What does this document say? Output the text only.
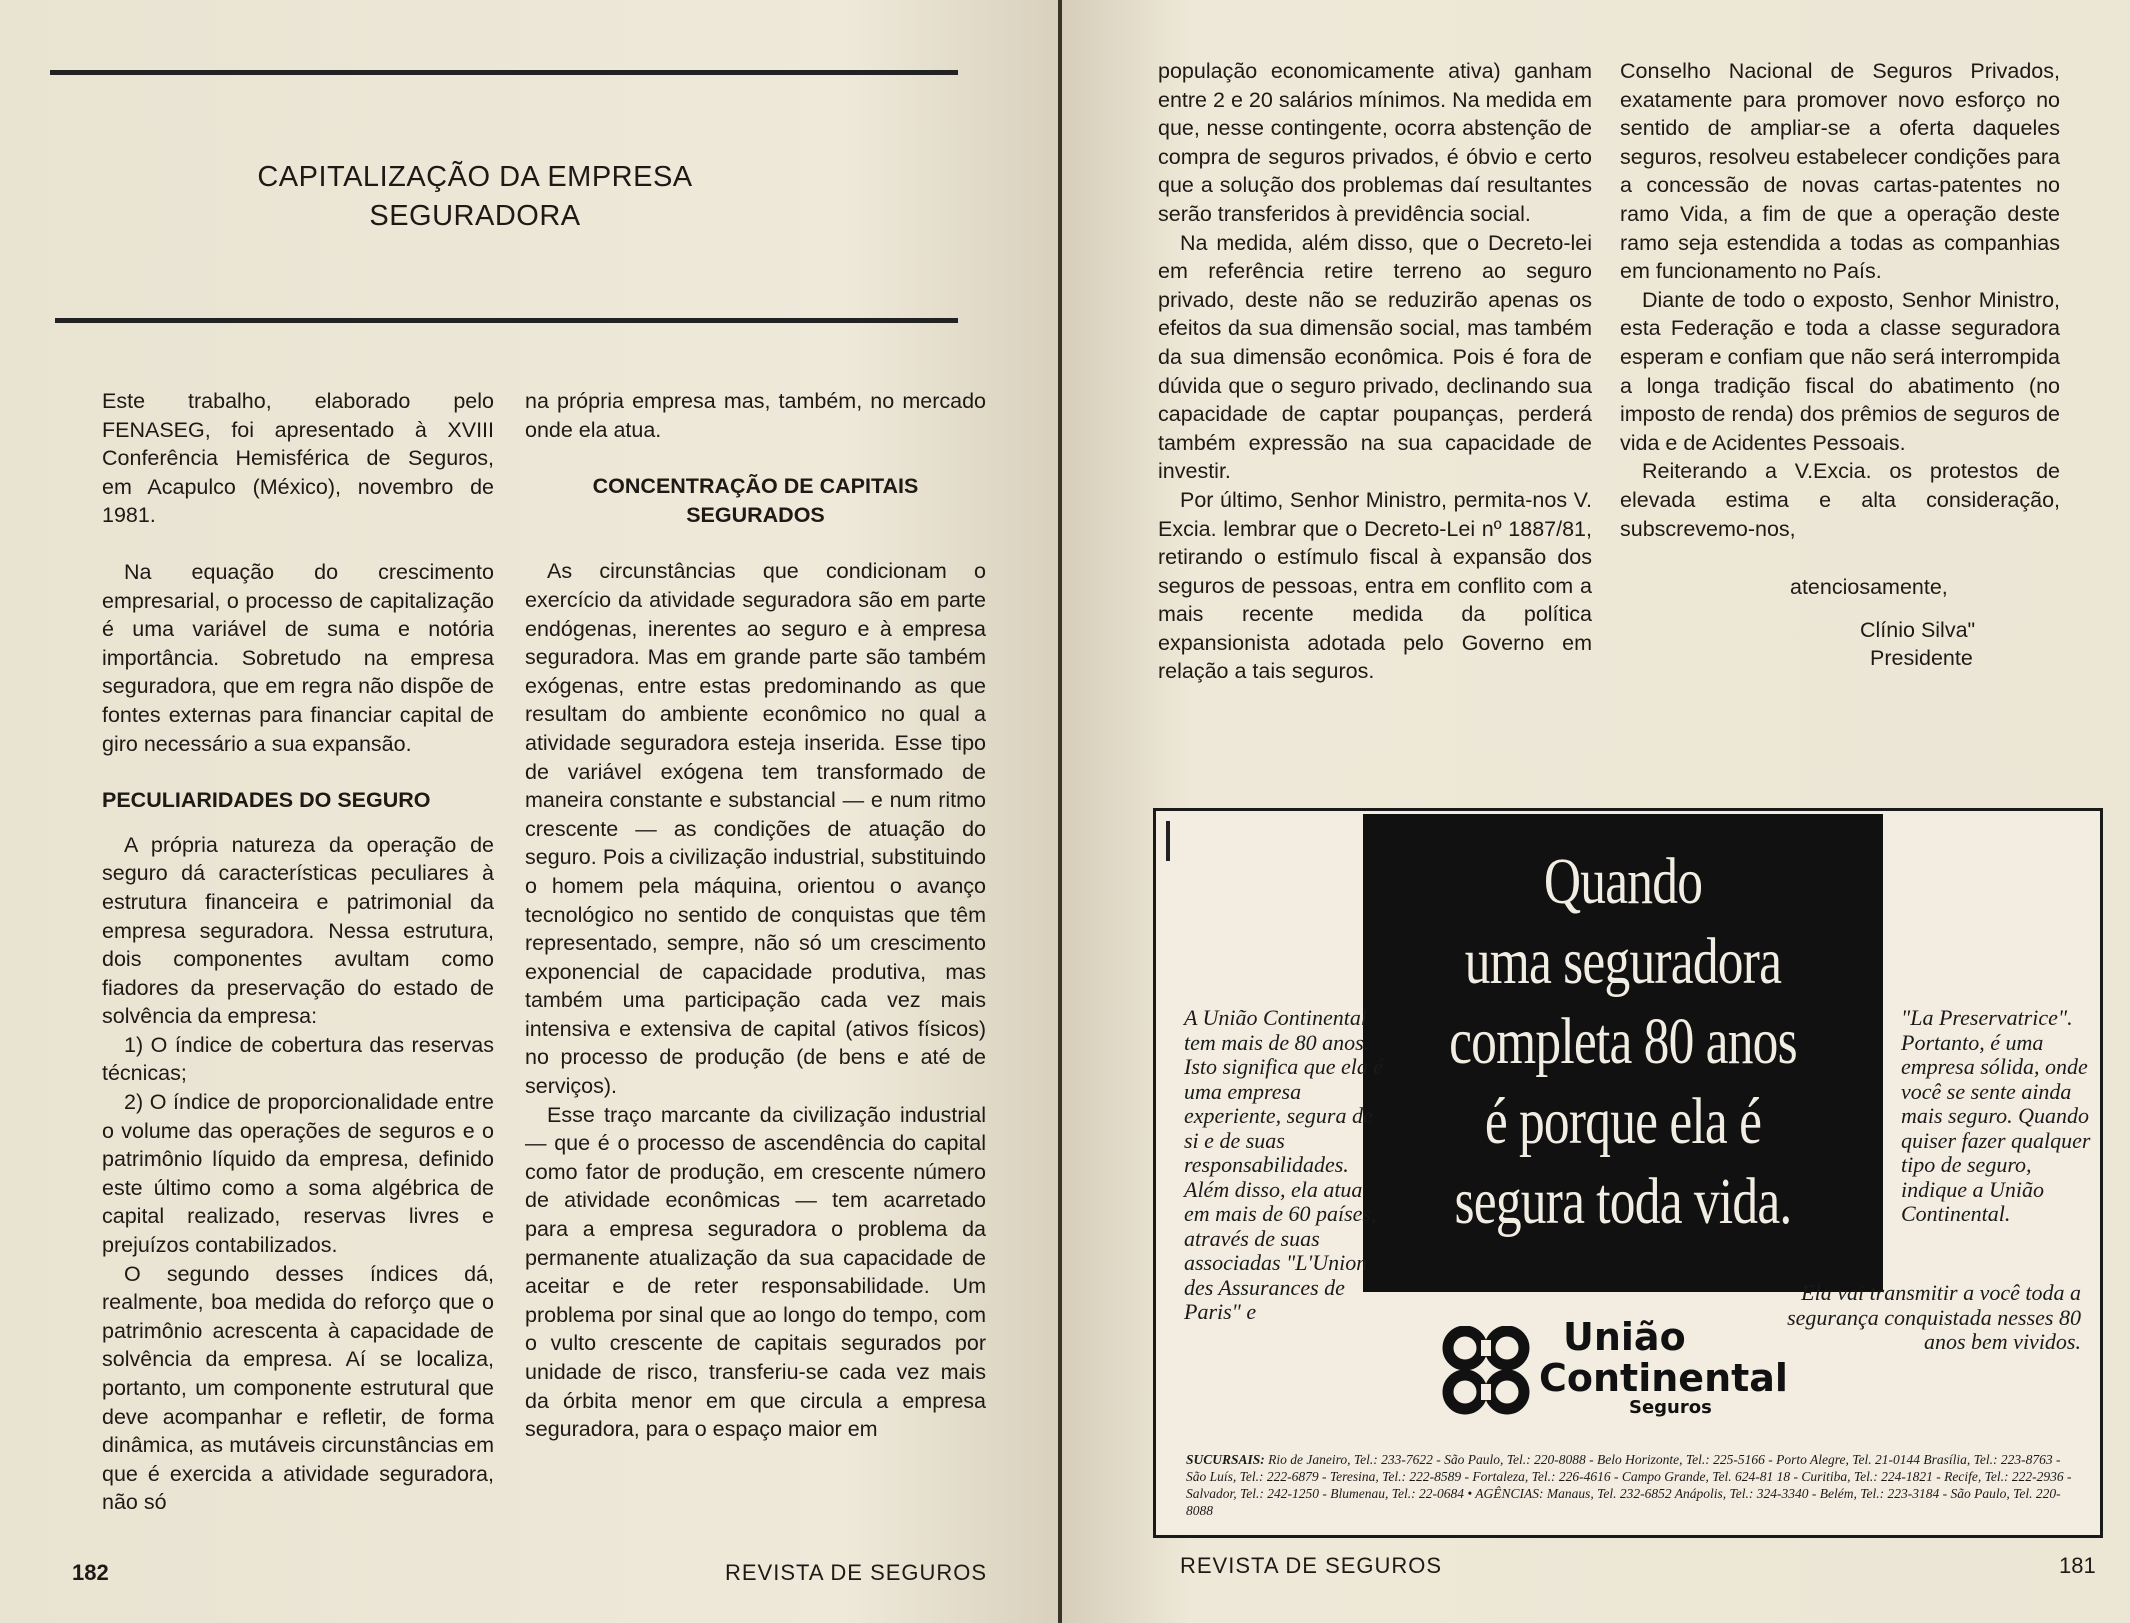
CAPITALIZAÇÃO DA EMPRESA
SEGURADORA

Este trabalho, elaborado pelo FENASEG, foi apresentado à XVIII Conferência Hemisférica de Seguros, em Acapulco (México), novembro de 1981.

Na equação do crescimento empresarial, o processo de capitalização é uma variável de suma e notória importância. Sobretudo na empresa seguradora, que em regra não dispõe de fontes externas para financiar capital de giro necessário a sua expansão.

PECULIARIDADES DO SEGURO

A própria natureza da operação de seguro dá características peculiares à estrutura financeira e patrimonial da empresa seguradora. Nessa estrutura, dois componentes avultam como fiadores da preservação do estado de solvência da empresa:

1) O índice de cobertura das reservas técnicas;

2) O índice de proporcionalidade entre o volume das operações de seguros e o patrimônio líquido da empresa, definido este último como a soma algébrica de capital realizado, reservas livres e prejuízos contabilizados.

O segundo desses índices dá, realmente, boa medida do reforço que o patrimônio acrescenta à capacidade de solvência da empresa. Aí se localiza, portanto, um componente estrutural que deve acompanhar e refletir, de forma dinâmica, as mutáveis circunstâncias em que é exercida a atividade seguradora, não só

na própria empresa mas, também, no mercado onde ela atua.

CONCENTRAÇÃO DE CAPITAIS
SEGURADOS

As circunstâncias que condicionam o exercício da atividade seguradora são em parte endógenas, inerentes ao seguro e à empresa seguradora. Mas em grande parte são também exógenas, entre estas predominando as que resultam do ambiente econômico no qual a atividade seguradora esteja inserida. Esse tipo de variável exógena tem transformado de maneira constante e substancial — e num ritmo crescente — as condições de atuação do seguro. Pois a civilização industrial, substituindo o homem pela máquina, orientou o avanço tecnológico no sentido de conquistas que têm representado, sempre, não só um crescimento exponencial de capacidade produtiva, mas também uma participação cada vez mais intensiva e extensiva de capital (ativos físicos) no processo de produção (de bens e até de serviços).

Esse traço marcante da civilização industrial — que é o processo de ascendência do capital como fator de produção, em crescente número de atividade econômicas — tem acarretado para a empresa seguradora o problema da permanente atualização da sua capacidade de aceitar e de reter responsabilidade. Um problema por sinal que ao longo do tempo, com o vulto crescente de capitais segurados por unidade de risco, transferiu-se cada vez mais da órbita menor em que circula a empresa seguradora, para o espaço maior em

182	REVISTA DE SEGUROS

população economicamente ativa) ganham entre 2 e 20 salários mínimos. Na medida em que, nesse contingente, ocorra abstenção de compra de seguros privados, é óbvio e certo que a solução dos problemas daí resultantes serão transferidos à previdência social.

Na medida, além disso, que o Decreto-lei em referência retire terreno ao seguro privado, deste não se reduzirão apenas os efeitos da sua dimensão social, mas também da sua dimensão econômica. Pois é fora de dúvida que o seguro privado, declinando sua capacidade de captar poupanças, perderá também expressão na sua capacidade de investir.

Por último, Senhor Ministro, permita-nos V. Excia. lembrar que o Decreto-Lei nº 1887/81, retirando o estímulo fiscal à expansão dos seguros de pessoas, entra em conflito com a mais recente medida da política expansionista adotada pelo Governo em relação a tais seguros.

Conselho Nacional de Seguros Privados, exatamente para promover novo esforço no sentido de ampliar-se a oferta daqueles seguros, resolveu estabelecer condições para a concessão de novas cartas-patentes no ramo Vida, a fim de que a operação deste ramo seja estendida a todas as companhias em funcionamento no País.

Diante de todo o exposto, Senhor Ministro, esta Federação e toda a classe seguradora esperam e confiam que não será interrompida a longa tradição fiscal do abatimento (no imposto de renda) dos prêmios de seguros de vida e de Acidentes Pessoais.

Reiterando a V.Excia. os protestos de elevada estima e alta consideração, subscrevemo-nos,

atenciosamente,

Clínio Silva"

Presidente

REVISTA DE SEGUROS	181
Quando
uma seguradora
completa 80 anos
é porque ela é
segura toda vida.
A União Continental tem mais de 80 anos. Isto significa que ela é uma empresa experiente, segura de si e de suas responsabilidades. Além disso, ela atua em mais de 60 países, através de suas associadas "L'Union des Assurances de Paris" e
"La Preservatrice". Portanto, é uma empresa sólida, onde você se sente ainda mais seguro. Quando quiser fazer qualquer tipo de seguro, indique a União Continental.
Ela vai transmitir a você toda a segurança conquistada nesses 80 anos bem vividos.
União
Continental
Seguros
SUCURSAIS: Rio de Janeiro, Tel.: 233-7622 - São Paulo, Tel.: 220-8088 - Belo Horizonte, Tel.: 225-5166 - Porto Alegre, Tel. 21-0144 Brasília, Tel.: 223-8763 - São Luís, Tel.: 222-6879 - Teresina, Tel.: 222-8589 - Fortaleza, Tel.: 226-4616 - Campo Grande, Tel. 624-81 18 - Curitiba, Tel.: 224-1821 - Recife, Tel.: 222-2936 - Salvador, Tel.: 242-1250 - Blumenau, Tel.: 22-0684 • AGÊNCIAS: Manaus, Tel. 232-6852 Anápolis, Tel.: 324-3340 - Belém, Tel.: 223-3184 - São Paulo, Tel. 220-8088
